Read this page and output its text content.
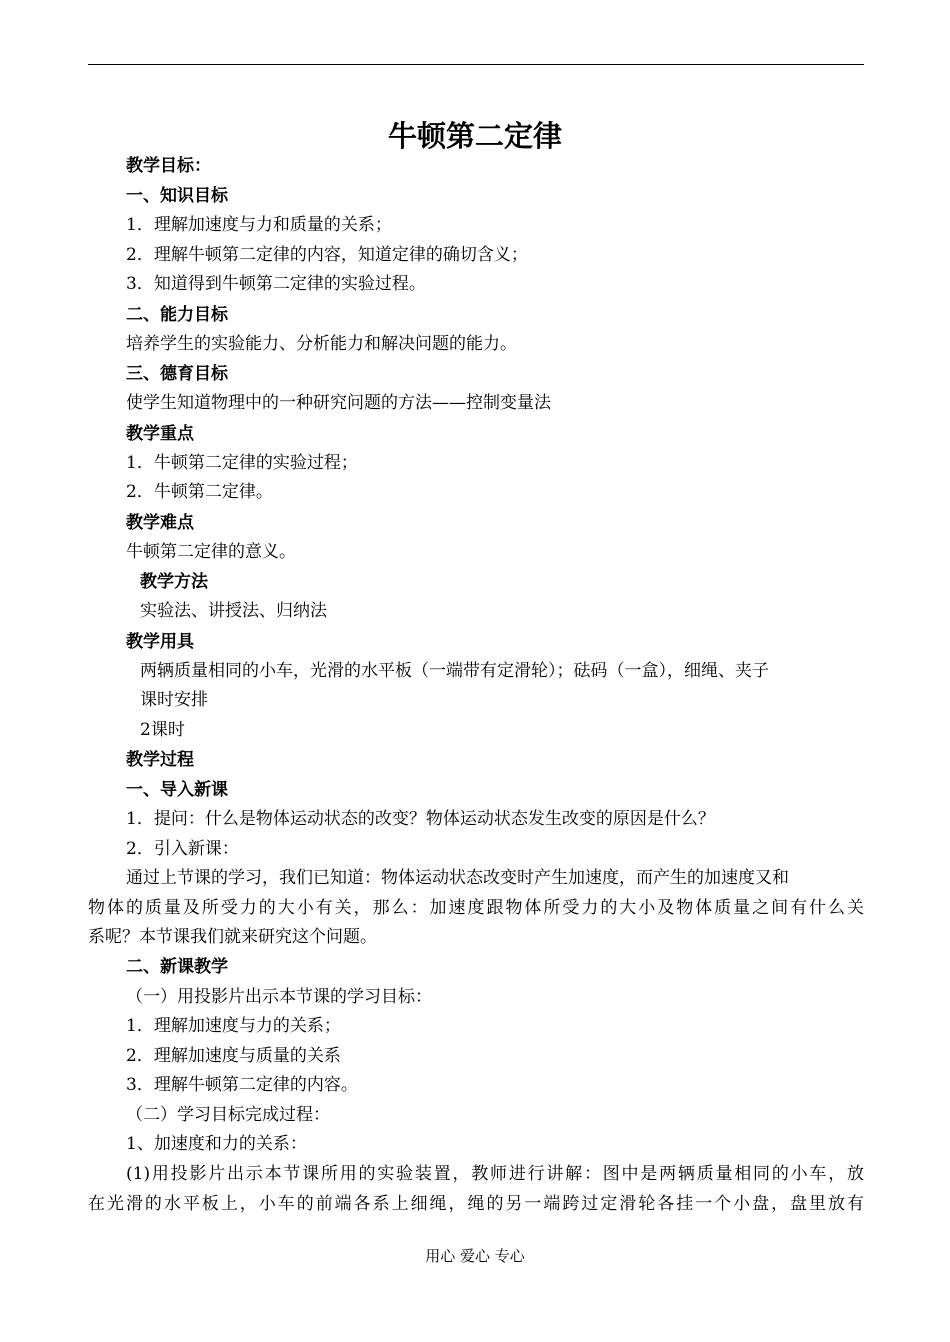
牛顿第二定律

教学目标：

一、知识目标

1．理解加速度与力和质量的关系；

2．理解牛顿第二定律的内容，知道定律的确切含义；

3．知道得到牛顿第二定律的实验过程。

二、能力目标

培养学生的实验能力、分析能力和解决问题的能力。

三、德育目标

使学生知道物理中的一种研究问题的方法——控制变量法

教学重点

1．牛顿第二定律的实验过程；

2．牛顿第二定律。

教学难点

牛顿第二定律的意义。

教学方法

实验法、讲授法、归纳法

教学用具

两辆质量相同的小车，光滑的水平板（一端带有定滑轮）；砝码（一盒），细绳、夹子

课时安排

2课时

教学过程

一、导入新课

1．提问：什么是物体运动状态的改变？物体运动状态发生改变的原因是什么？

2．引入新课：

通过上节课的学习，我们已知道：物体运动状态改变时产生加速度，而产生的加速度又和

物体的质量及所受力的大小有关，那么：加速度跟物体所受力的大小及物体质量之间有什么关

系呢？本节课我们就来研究这个问题。

二、新课教学

（一）用投影片出示本节课的学习目标：

1．理解加速度与力的关系；

2．理解加速度与质量的关系

3．理解牛顿第二定律的内容。

（二）学习目标完成过程：

1、加速度和力的关系：

(1)用投影片出示本节课所用的实验装置，教师进行讲解：图中是两辆质量相同的小车，放

在光滑的水平板上，小车的前端各系上细绳，绳的另一端跨过定滑轮各挂一个小盘，盘里放有

用心 爱心 专心
